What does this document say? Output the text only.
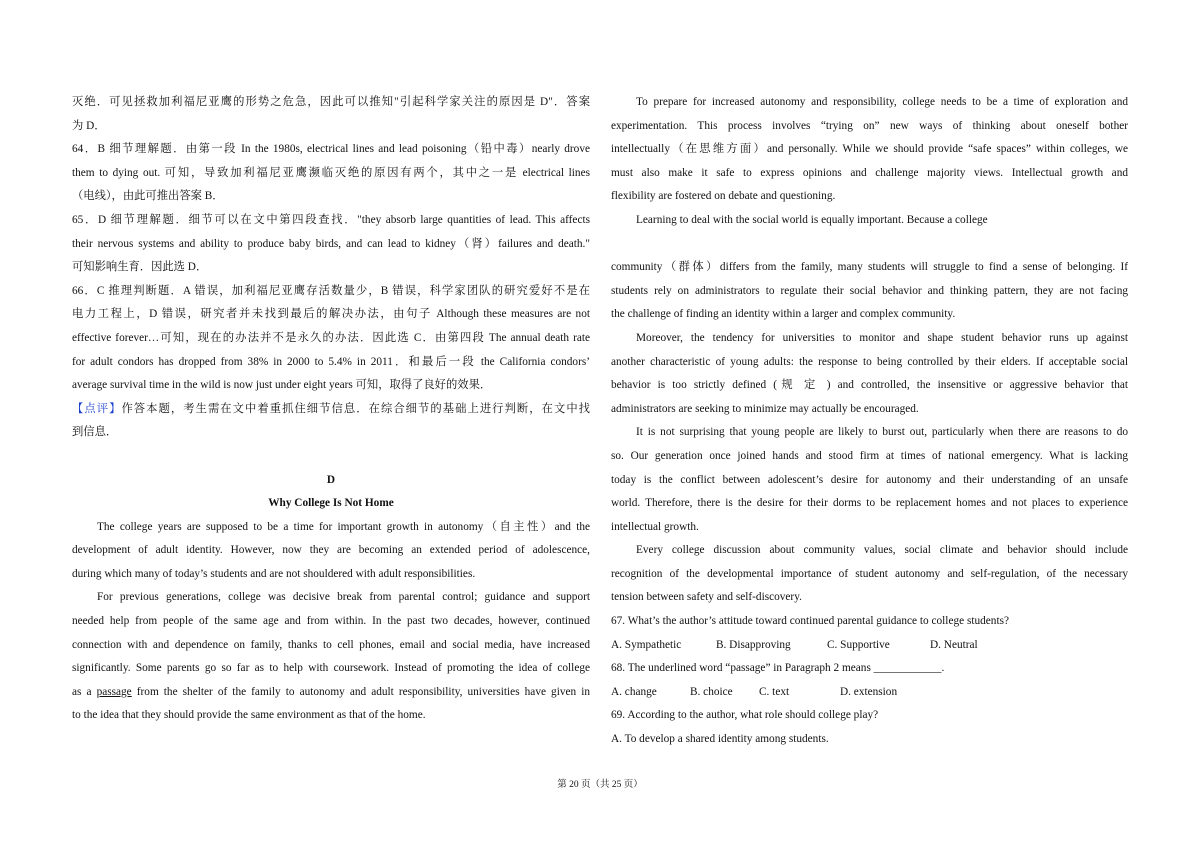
灭绝．可见拯救加利福尼亚鹰的形势之危急，因此可以推知"引起科学家关注的原因是 D"．答案
为 D．
64．B 细节理解题．由第一段 In the 1980s, electrical lines and lead poisoning（铅中毒）nearly drove
them to dying out. 可知，导致加利福尼亚鹰濒临灭绝的原因有两个，其中之一是 electrical lines
（电线），由此可推出答案 B．
65．D 细节理解题．细节可以在文中第四段查找．"they absorb large quantities of lead. This affects
their nervous systems and ability to produce baby birds, and can lead to kidney（肾）failures and death."
可知影响生育．因此选 D．
66．C 推理判断题．A 错误，加利福尼亚鹰存活数量少，B 错误，科学家团队的研究爱好不是在
电力工程上，D 错误，研究者并未找到最后的解决办法，由句子 Although these measures are not
effective forever…可知，现在的办法并不是永久的办法．因此选 C．由第四段 The annual death rate
for adult condors has dropped from 38% in 2000 to 5.4% in 2011．和最后一段 the California condors’
average survival time in the wild is now just under eight years 可知，取得了良好的效果．
【点评】作答本题，考生需在文中着重抓住细节信息．在综合细节的基础上进行判断，在文中找
到信息．
D
Why College Is Not Home
The college years are supposed to be a time for important growth in autonomy（自主性）and the
development of adult identity. However, now they are becoming an extended period of adolescence,
during which many of today’s students and are not shouldered with adult responsibilities.
For previous generations, college was decisive break from parental control; guidance and support
needed help from people of the same age and from within. In the past two decades, however, continued
connection with and dependence on family, thanks to cell phones, email and social media, have increased
significantly. Some parents go so far as to help with coursework. Instead of promoting the idea of college
as a passage from the shelter of the family to autonomy and adult responsibility, universities have given in
to the idea that they should provide the same environment as that of the home.
To prepare for increased autonomy and responsibility, college needs to be a time of exploration and
experimentation. This process involves “trying on” new ways of thinking about oneself bother
intellectually（在思维方面）and personally. While we should provide “safe spaces” within colleges, we
must also make it safe to express opinions and challenge majority views. Intellectual growth and
flexibility are fostered on debate and questioning.
Learning to deal with the social world is equally important. Because a college
community（群体）differs from the family, many students will struggle to find a sense of belonging. If
students rely on administrators to regulate their social behavior and thinking pattern, they are not facing
the challenge of finding an identity within a larger and complex community.
Moreover, the tendency for universities to monitor and shape student behavior runs up against
another characteristic of young adults: the response to being controlled by their elders. If acceptable social
behavior is too strictly defined (规 定 ) and controlled, the insensitive or aggressive behavior that
administrators are seeking to minimize may actually be encouraged.
It is not surprising that young people are likely to burst out, particularly when there are reasons to do
so. Our generation once joined hands and stood firm at times of national emergency. What is lacking
today is the conflict between adolescent’s desire for autonomy and their understanding of an unsafe
world. Therefore, there is the desire for their dorms to be replacement homes and not places to experience
intellectual growth.
Every college discussion about community values, social climate and behavior should include
recognition of the developmental importance of student autonomy and self-regulation, of the necessary
tension between safety and self-discovery.
67. What’s the author’s attitude toward continued parental guidance to college students?
A. Sympathetic	B. Disapproving	C. Supportive	D. Neutral
68. The underlined word “passage” in Paragraph 2 means ____________.
A. change	B. choice	C. text	D. extension
69. According to the author, what role should college play?
A. To develop a shared identity among students.
第 20 页（共 25 页）
